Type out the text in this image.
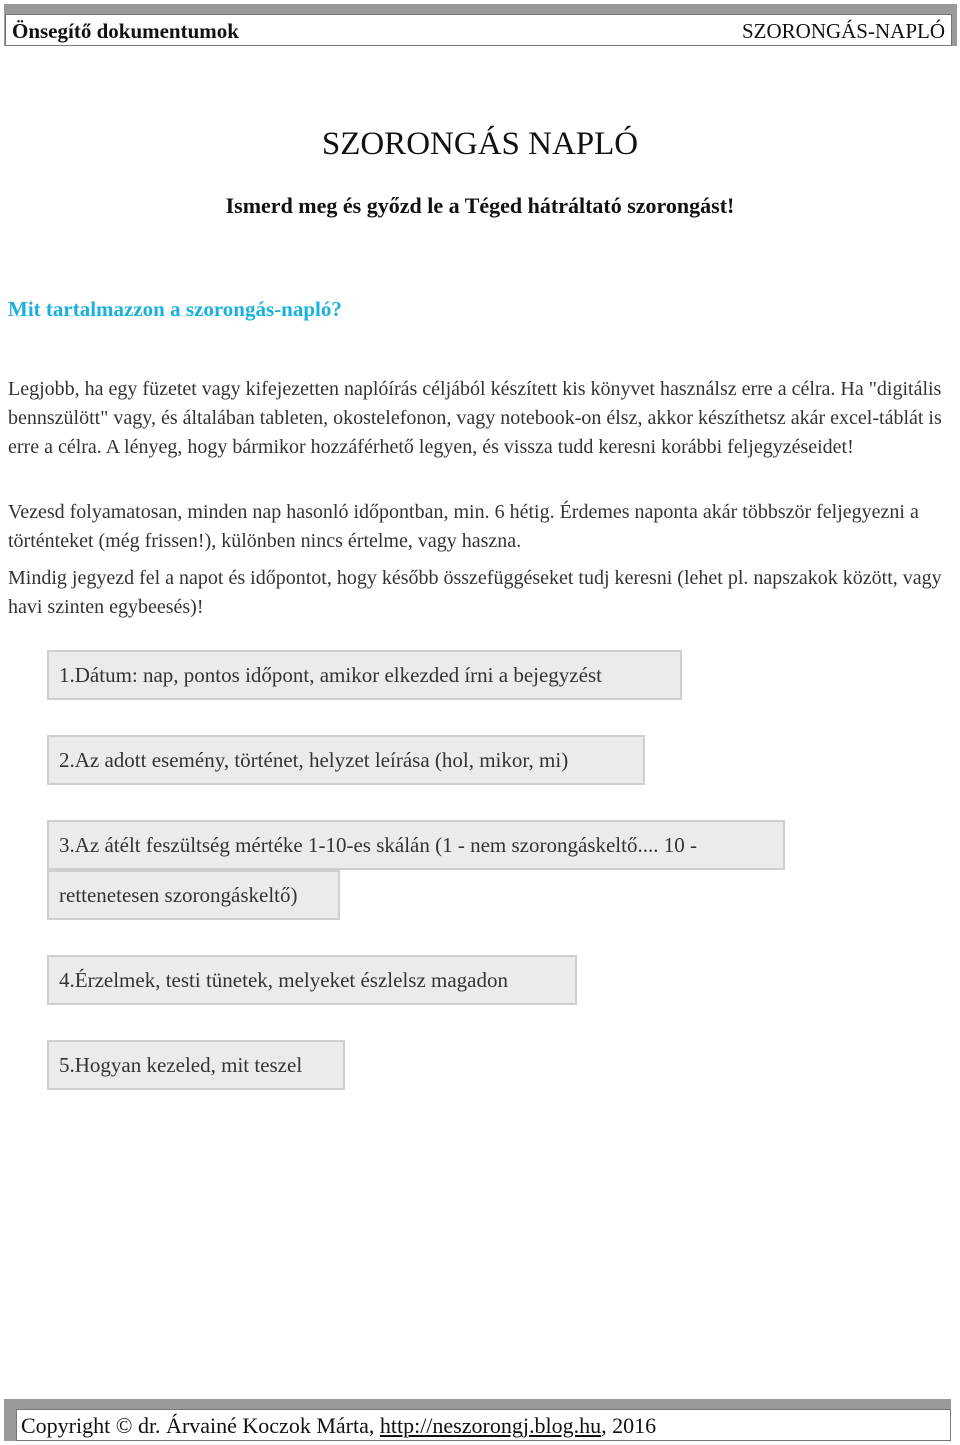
Önsegítő dokumentumok	SZORONGÁS-NAPLÓ
SZORONGÁS NAPLÓ
Ismerd meg és győzd le a Téged hátráltató szorongást!
Mit tartalmazzon a szorongás-napló?
Legjobb, ha egy füzetet vagy kifejezetten naplóírás céljából készített kis könyvet használsz erre a célra. Ha "digitális bennszülött" vagy, és általában tableten, okostelefonon, vagy notebook-on élsz, akkor készíthetsz akár excel-táblát is erre a célra. A lényeg, hogy bármikor hozzáférhető legyen, és vissza tudd keresni korábbi feljegyzéseidet!
Vezesd folyamatosan, minden nap hasonló időpontban, min. 6 hétig. Érdemes naponta akár többször feljegyezni a történteket (még frissen!), különben nincs értelme, vagy haszna.
Mindig jegyezd fel a napot és időpontot, hogy később összefüggéseket tudj keresni (lehet pl. napszakok között, vagy havi szinten egybeesés)!
1.Dátum: nap, pontos időpont, amikor elkezded írni a bejegyzést
2.Az adott esemény, történet, helyzet leírása (hol, mikor, mi)
3.Az átélt feszültség mértéke 1-10-es skálán (1 - nem szorongáskeltő.... 10 -
rettenetesen szorongáskeltő)
4.Érzelmek, testi tünetek, melyeket észlelsz magadon
5.Hogyan kezeled, mit teszel
Copyright © dr. Árvainé Koczok Márta, http://neszorongj.blog.hu, 2016
